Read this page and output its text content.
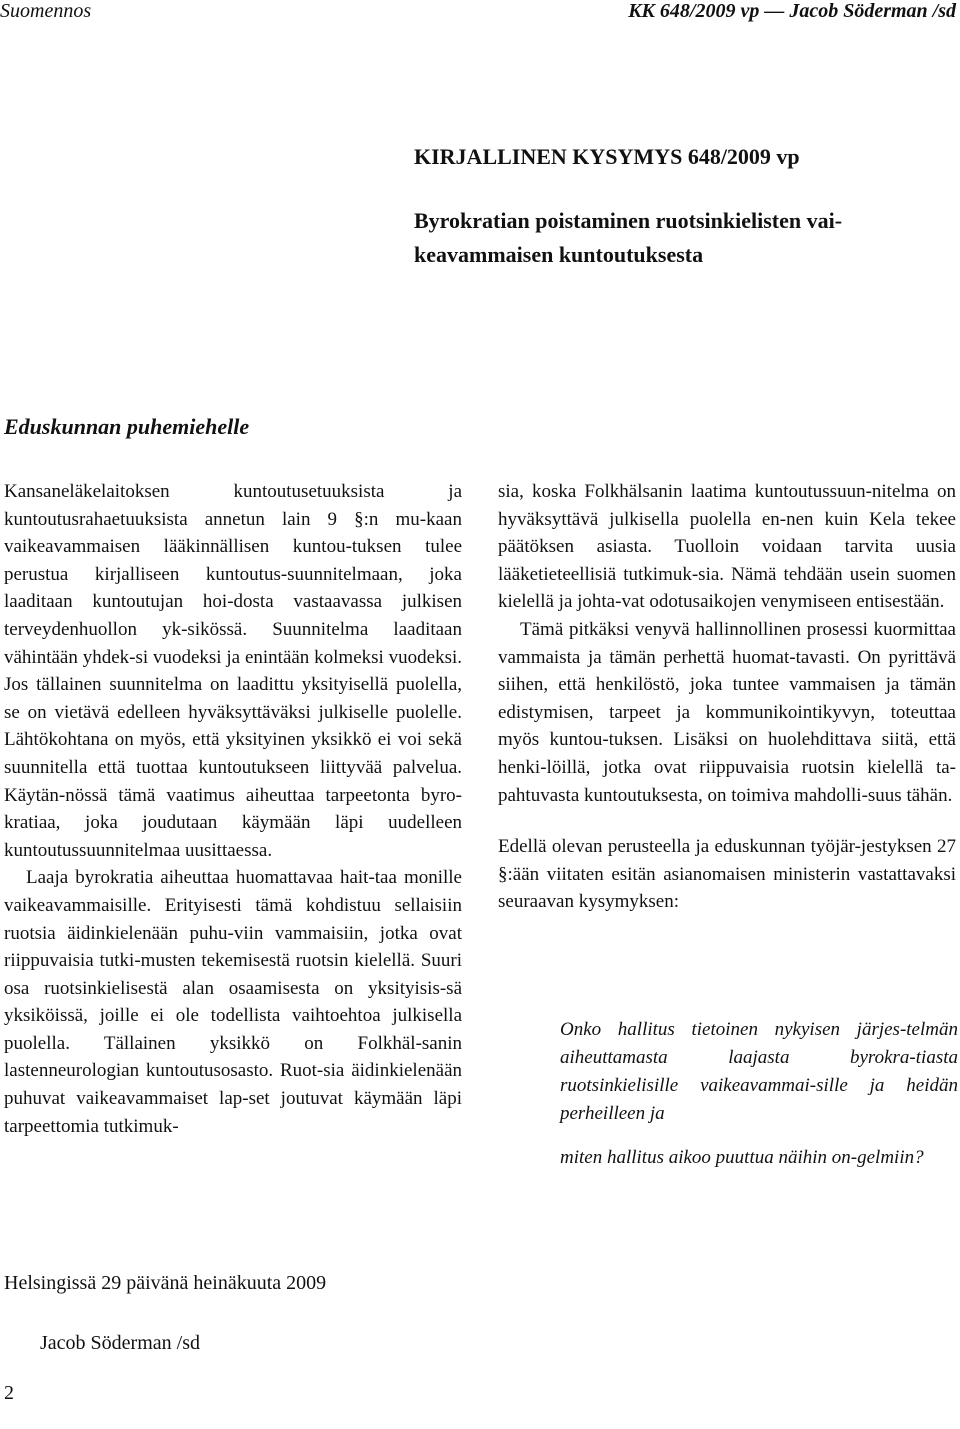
Suomennos	KK 648/2009 vp — Jacob Söderman /sd
KIRJALLINEN KYSYMYS 648/2009 vp
Byrokratian poistaminen ruotsinkielisten vai-keavammaisen kuntoutuksesta
Eduskunnan puhemiehelle

Kansaneläkelaitoksen kuntoutusetuuksista ja kuntoutusrahaetuuksista annetun lain 9 §:n mu-kaan vaikeavammaisen lääkinnällisen kuntou-tuksen tulee perustua kirjalliseen kuntoutus-suunnitelmaan, joka laaditaan kuntoutujan hoi-dosta vastaavassa julkisen terveydenhuollon yk-sikössä. Suunnitelma laaditaan vähintään yhdek-si vuodeksi ja enintään kolmeksi vuodeksi. Jos tällainen suunnitelma on laadittu yksityisellä puolella, se on vietävä edelleen hyväksyttäväksi julkiselle puolelle. Lähtökohtana on myös, että yksityinen yksikkö ei voi sekä suunnitella että tuottaa kuntoutukseen liittyvää palvelua. Käytän-nössä tämä vaatimus aiheuttaa tarpeetonta byro-kratiaa, joka joudutaan käymään läpi uudelleen kuntoutussuunnitelmaa uusittaessa.

Laaja byrokratia aiheuttaa huomattavaa hait-taa monille vaikeavammaisille. Erityisesti tämä kohdistuu sellaisiin ruotsia äidinkielenään puhu-viin vammaisiin, jotka ovat riippuvaisia tutki-musten tekemisestä ruotsin kielellä. Suuri osa ruotsinkielisestä alan osaamisesta on yksityisis-sä yksiköissä, joille ei ole todellista vaihtoehtoa julkisella puolella. Tällainen yksikkö on Folkhäl-sanin lastenneurologian kuntoutusosasto. Ruot-sia äidinkielenään puhuvat vaikeavammaiset lap-set joutuvat käymään läpi tarpeettomia tutkimuk-

sia, koska Folkhälsanin laatima kuntoutussuun-nitelma on hyväksyttävä julkisella puolella en-nen kuin Kela tekee päätöksen asiasta. Tuolloin voidaan tarvita uusia lääketieteellisiä tutkimuk-sia. Nämä tehdään usein suomen kielellä ja johta-vat odotusaikojen venymiseen entisestään.

Tämä pitkäksi venyvä hallinnollinen prosessi kuormittaa vammaista ja tämän perhettä huomat-tavasti. On pyrittävä siihen, että henkilöstö, joka tuntee vammaisen ja tämän edistymisen, tarpeet ja kommunikointikyvyn, toteuttaa myös kuntou-tuksen. Lisäksi on huolehdittava siitä, että henki-löillä, jotka ovat riippuvaisia ruotsin kielellä ta-pahtuvasta kuntoutuksesta, on toimiva mahdolli-suus tähän.

Edellä olevan perusteella ja eduskunnan työjär-jestyksen 27 §:ään viitaten esitän asianomaisen ministerin vastattavaksi seuraavan kysymyksen:

Onko hallitus tietoinen nykyisen järjes-telmän aiheuttamasta laajasta byrokra-tiasta ruotsinkielisille vaikeavammai-sille ja heidän perheilleen ja

miten hallitus aikoo puuttua näihin on-gelmiin?

Helsingissä 29 päivänä heinäkuuta 2009
Jacob Söderman /sd
2
